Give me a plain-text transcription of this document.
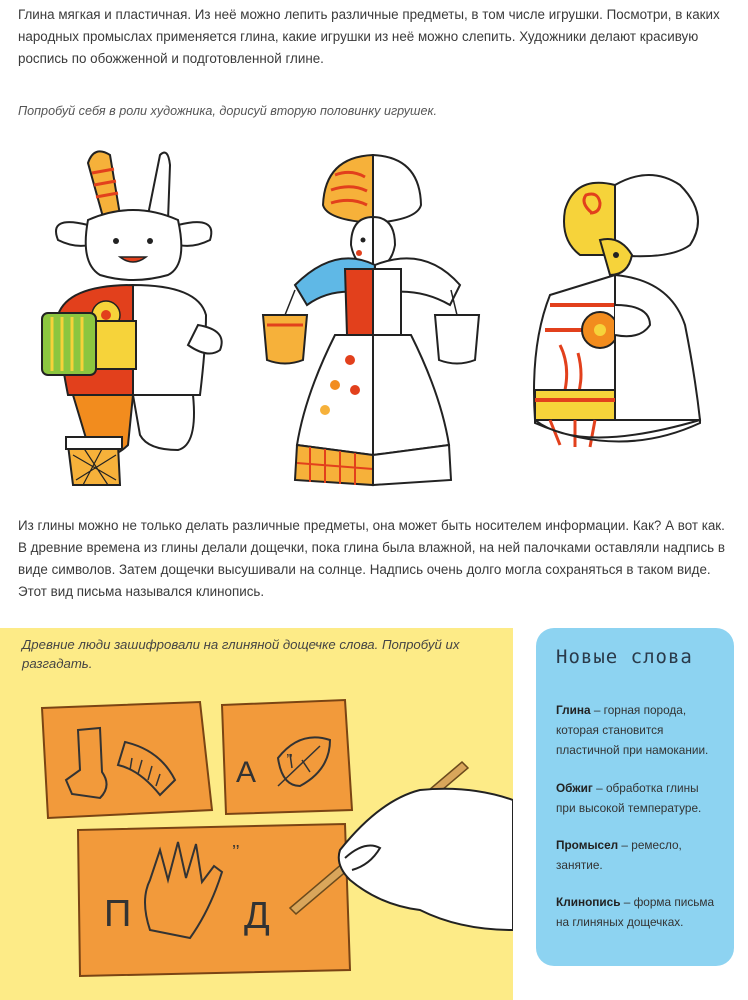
Глина мягкая и пластичная. Из неё можно лепить различные предметы, в том числе игрушки. Посмотри, в каких народных промыслах применяется глина, какие игрушки из неё можно слепить. Художники делают красивую роспись по обожженной и подготовленной глине.

Попробуй себя в роли художника, дорисуй вторую половинку игрушек.

Из глины можно не только делать различные предметы, она может быть носителем информации. Как? А вот как. В древние времена из глины делали дощечки, пока глина была влажной, на ней палочками оставляли надпись в виде символов. Затем дощечки высушивали на солнце. Надпись очень долго могла сохраняться в таком виде. Этот вид письма назывался клинопись.

Древние люди зашифровали на глиняной дощечке слова. Попробуй их разгадать.

А
П
’’
Д
’’

Новые слова

Глина – горная порода, которая становится пластичной при намокании.

Обжиг – обработка глины при высокой температуре.

Промысел – ремесло, занятие.

Клинопись – форма письма на глиняных дощечках.
